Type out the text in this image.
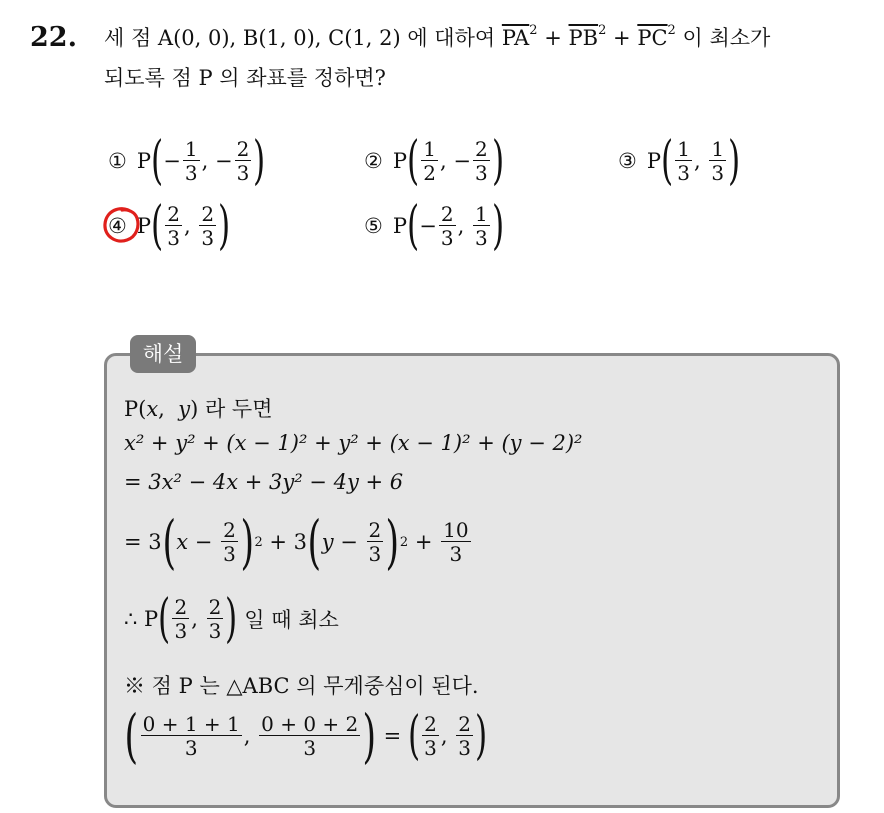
22. 세 점 A(0, 0), B(1, 0), C(1, 2) 에 대하여 $\overline{PA}^2 + \overline{PB}^2 + \overline{PC}^2$ 이 최소가
되도록 점 P 의 좌표를 정하면?
① P ( − $\frac{1}{3}$ , − $\frac{2}{3}$ )	② P ( $\frac{1}{2}$ , − $\frac{2}{3}$ )	③ P ( $\frac{1}{3}$ , $\frac{1}{3}$ )
④ P ( $\frac{2}{3}$ , $\frac{2}{3}$ )	⑤ P ( − $\frac{2}{3}$ , $\frac{1}{3}$ )
해설
P(x,  y) 라 두면
x² + y² + (x − 1)² + y² + (x − 1)² + (y − 2)²
= 3x² − 4x + 3y² − 4y + 6
= 3 ( $x - \frac{2}{3}$ ) 2 + 3 ( $y - \frac{2}{3}$ ) $2 + \frac{10}{3}$
∴ P ( $\frac{2}{3}$ , $\frac{2}{3}$ )
일 때 최소
※ 점 P 는 △ABC 의 무게중심이 된다.
( $\frac{0 + 1 + 1}{3}$ , $\frac{0 + 0 + 2}{3}$ ) = ( $\frac{2}{3}$ , $\frac{2}{3}$ )
